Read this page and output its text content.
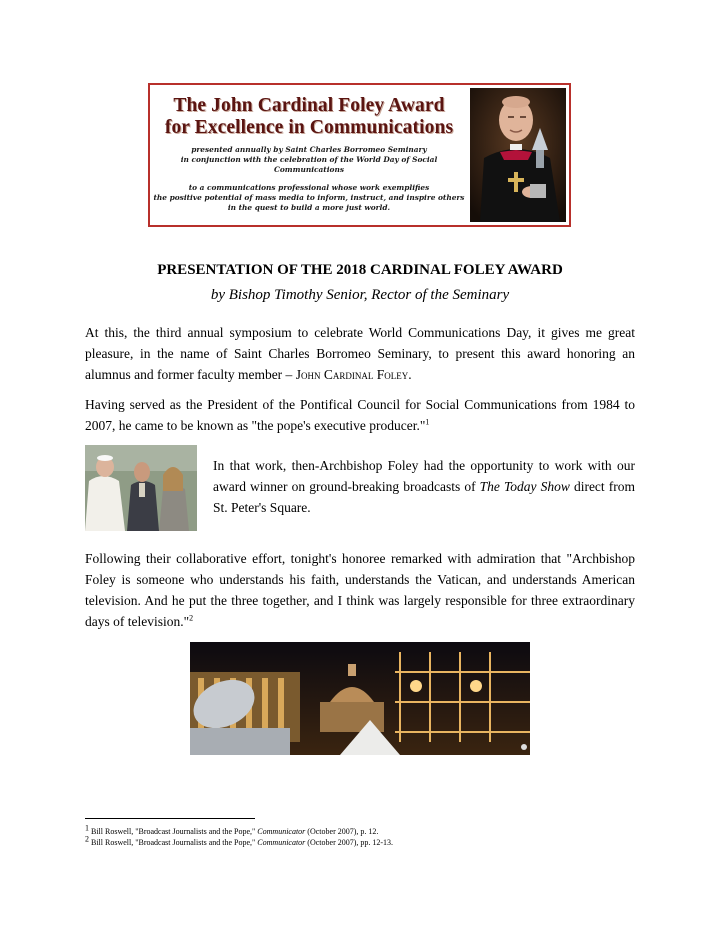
The John Cardinal Foley Award
for Excellence in Communications
presented annually by Saint Charles Borromeo Seminary
in conjunction with the celebration of the World Day of Social Communications
to a communications professional whose work exemplifies
the positive potential of mass media to inform, instruct, and inspire others
in the quest to build a more just world.
PRESENTATION OF THE 2018 CARDINAL FOLEY AWARD
by Bishop Timothy Senior, Rector of the Seminary
At this, the third annual symposium to celebrate World Communications Day, it gives me great pleasure, in the name of Saint Charles Borromeo Seminary, to present this award honoring an alumnus and former faculty member – John Cardinal Foley.
Having served as the President of the Pontifical Council for Social Communications from 1984 to 2007, he came to be known as "the pope's executive producer."$^1$
In that work, then-Archbishop Foley had the opportunity to work with our award winner on ground-breaking broadcasts of The Today Show direct from St. Peter's Square.
Following their collaborative effort, tonight's honoree remarked with admiration that "Archbishop Foley is someone who understands his faith, understands the Vatican, and understands American television. And he put the three together, and I think was largely responsible for three extraordinary days of television."$^2$
$^1$ Bill Roswell, "Broadcast Journalists and the Pope," Communicator (October 2007), p. 12.
$^2$ Bill Roswell, "Broadcast Journalists and the Pope," Communicator (October 2007), pp. 12-13.
